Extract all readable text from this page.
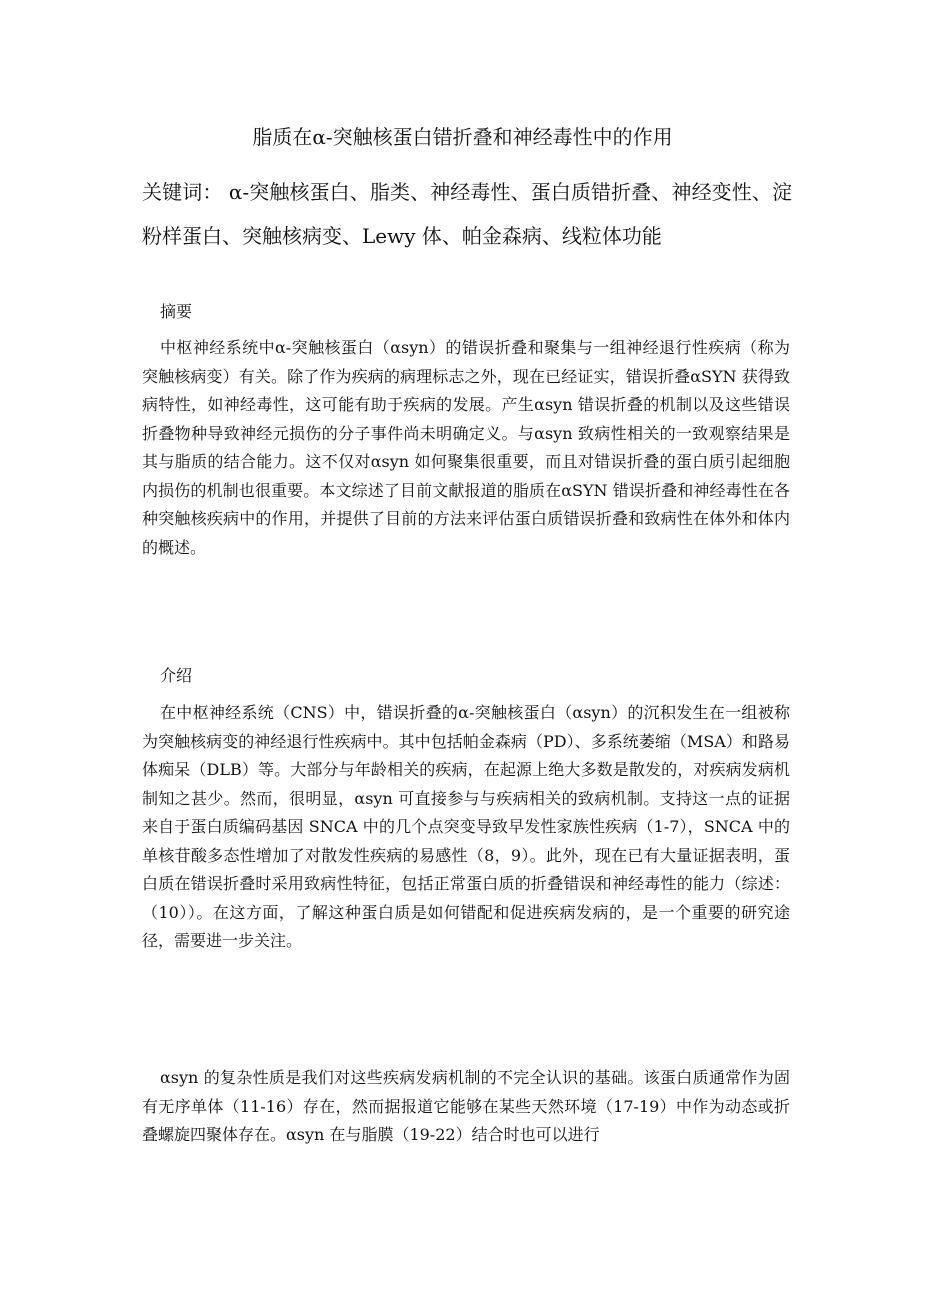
脂质在α-突触核蛋白错折叠和神经毒性中的作用

关键词： α-突触核蛋白、脂类、神经毒性、蛋白质错折叠、神经变性、淀粉样蛋白、突触核病变、Lewy 体、帕金森病、线粒体功能

摘要

中枢神经系统中α-突触核蛋白（αsyn）的错误折叠和聚集与一组神经退行性疾病（称为突触核病变）有关。除了作为疾病的病理标志之外，现在已经证实，错误折叠αSYN 获得致病特性，如神经毒性，这可能有助于疾病的发展。产生αsyn 错误折叠的机制以及这些错误折叠物种导致神经元损伤的分子事件尚未明确定义。与αsyn 致病性相关的一致观察结果是其与脂质的结合能力。这不仅对αsyn 如何聚集很重要，而且对错误折叠的蛋白质引起细胞内损伤的机制也很重要。本文综述了目前文献报道的脂质在αSYN 错误折叠和神经毒性在各种突触核疾病中的作用，并提供了目前的方法来评估蛋白质错误折叠和致病性在体外和体内的概述。

介绍

在中枢神经系统（CNS）中，错误折叠的α-突触核蛋白（αsyn）的沉积发生在一组被称为突触核病变的神经退行性疾病中。其中包括帕金森病（PD）、多系统萎缩（MSA）和路易体痴呆（DLB）等。大部分与年龄相关的疾病，在起源上绝大多数是散发的，对疾病发病机制知之甚少。然而，很明显，αsyn 可直接参与与疾病相关的致病机制。支持这一点的证据来自于蛋白质编码基因 SNCA 中的几个点突变导致早发性家族性疾病（1-7），SNCA 中的单核苷酸多态性增加了对散发性疾病的易感性（8，9）。此外，现在已有大量证据表明，蛋白质在错误折叠时采用致病性特征，包括正常蛋白质的折叠错误和神经毒性的能力（综述：（10））。在这方面，了解这种蛋白质是如何错配和促进疾病发病的，是一个重要的研究途径，需要进一步关注。

αsyn 的复杂性质是我们对这些疾病发病机制的不完全认识的基础。该蛋白质通常作为固有无序单体（11-16）存在，然而据报道它能够在某些天然环境（17-19）中作为动态或折叠螺旋四聚体存在。αsyn 在与脂膜（19-22）结合时也可以进行
